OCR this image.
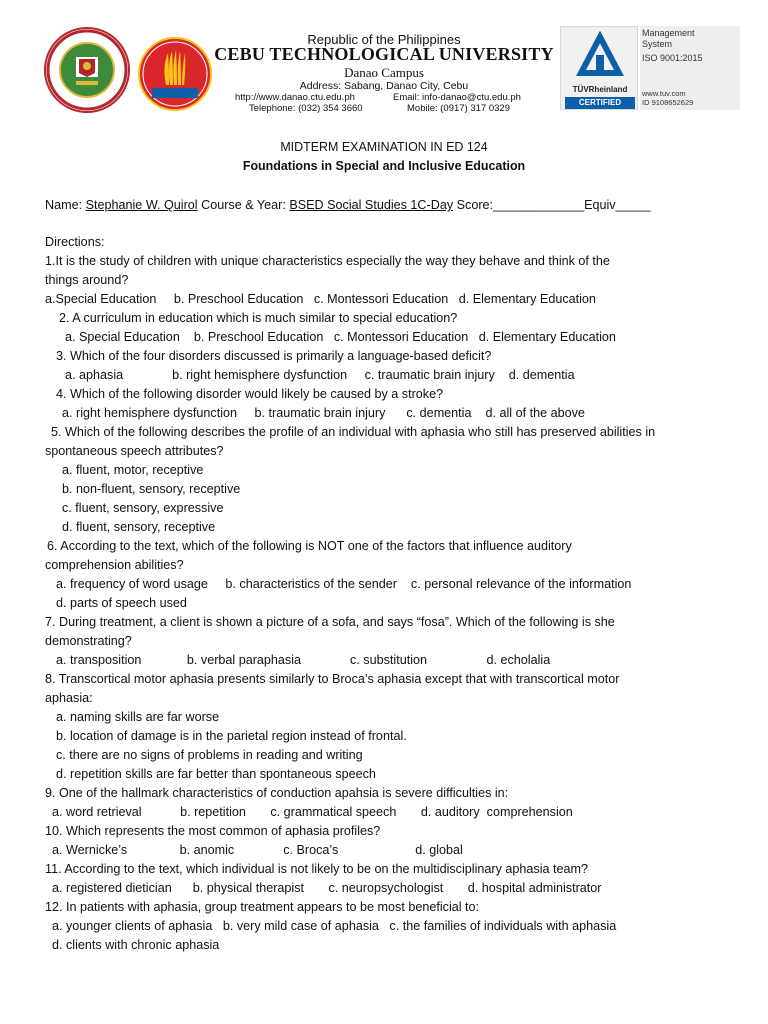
Republic of the Philippines
CEBU TECHNOLOGICAL UNIVERSITY
Danao Campus
Address: Sabang, Danao City, Cebu
http://www.danao.ctu.edu.ph	Email: info-danao@ctu.edu.ph
Telephone: (032) 354 3660	Mobile: (0917) 317 0329
TÜVRheinland
CERTIFIED
Management
System
ISO 9001:2015
www.tuv.com
ID 9108652629
MIDTERM EXAMINATION IN ED 124
Foundations in Special and Inclusive Education
Name: Stephanie W. Quirol Course & Year: BSED Social Studies 1C-Day Score:_____________Equiv_____
Directions:
1.It is the study of children with unique characteristics especially the way they behave and think of the
things around?
a.Special Education     b. Preschool Education   c. Montessori Education   d. Elementary Education
2. A curriculum in education which is much similar to special education?
a. Special Education    b. Preschool Education   c. Montessori Education   d. Elementary Education
3. Which of the four disorders discussed is primarily a language-based deficit?
a. aphasia              b. right hemisphere dysfunction     c. traumatic brain injury    d. dementia
4. Which of the following disorder would likely be caused by a stroke?
a. right hemisphere dysfunction     b. traumatic brain injury      c. dementia    d. all of the above
5. Which of the following describes the profile of an individual with aphasia who still has preserved abilities in
spontaneous speech attributes?
a. fluent, motor, receptive
b. non-fluent, sensory, receptive
c. fluent, sensory, expressive
d. fluent, sensory, receptive
6. According to the text, which of the following is NOT one of the factors that influence auditory
comprehension abilities?
a. frequency of word usage     b. characteristics of the sender    c. personal relevance of the information
d. parts of speech used
7. During treatment, a client is shown a picture of a sofa, and says “fosa”. Which of the following is she
demonstrating?
a. transposition             b. verbal paraphasia              c. substitution                 d. echolalia
8. Transcortical motor aphasia presents similarly to Broca’s aphasia except that with transcortical motor
aphasia:
a. naming skills are far worse
b. location of damage is in the parietal region instead of frontal.
c. there are no signs of problems in reading and writing
d. repetition skills are far better than spontaneous speech
9. One of the hallmark characteristics of conduction apahsia is severe difficulties in:
a. word retrieval           b. repetition       c. grammatical speech       d. auditory  comprehension
10. Which represents the most common of aphasia profiles?
a. Wernicke’s               b. anomic              c. Broca’s                      d. global
11. According to the text, which individual is not likely to be on the multidisciplinary aphasia team?
a. registered dietician      b. physical therapist       c. neuropsychologist       d. hospital administrator
12. In patients with aphasia, group treatment appears to be most beneficial to:
a. younger clients of aphasia   b. very mild case of aphasia   c. the families of individuals with aphasia
d. clients with chronic aphasia
